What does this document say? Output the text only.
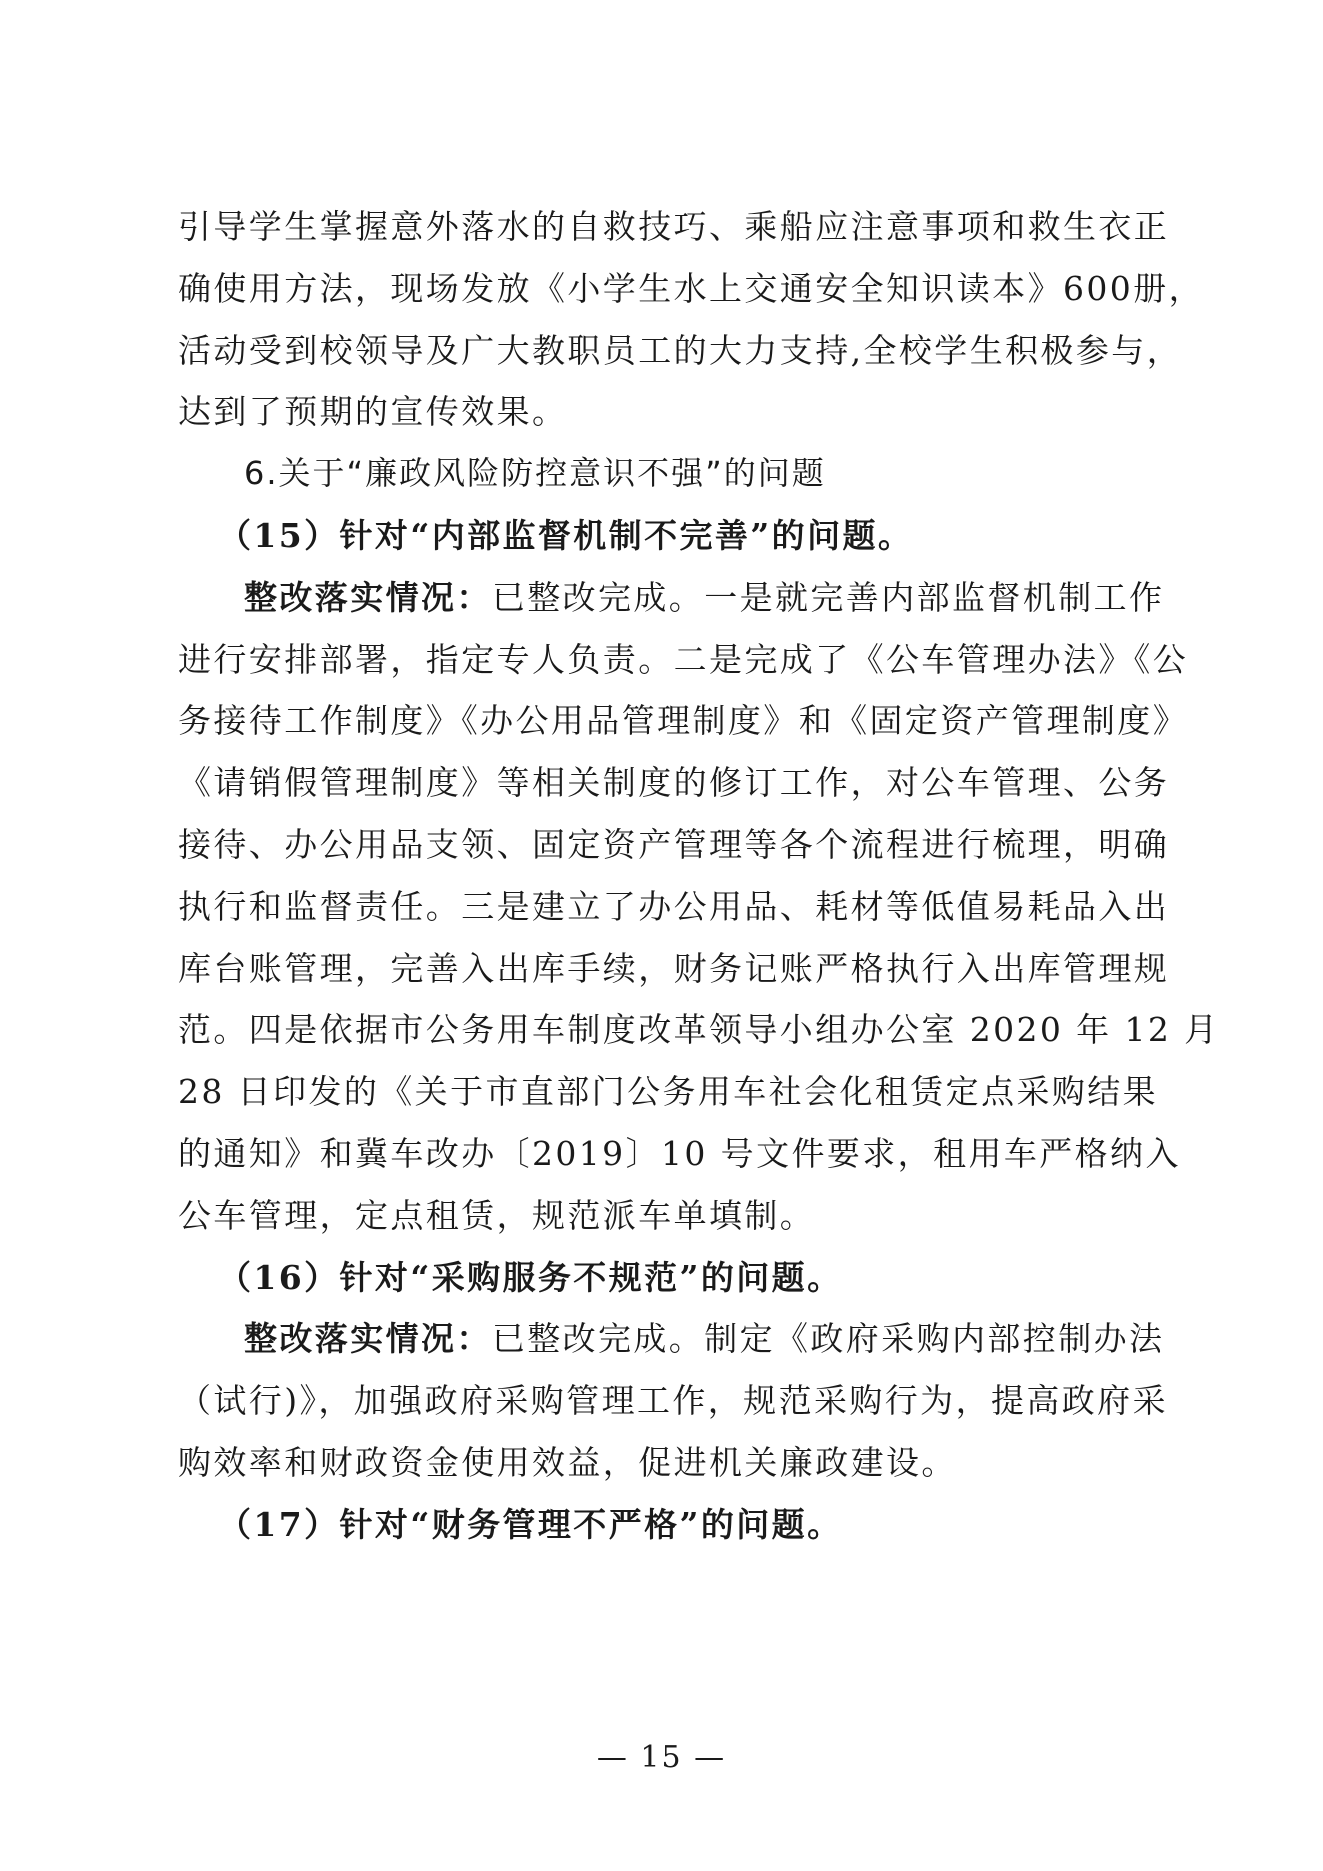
引导学生掌握意外落水的自救技巧、乘船应注意事项和救生衣正
确使用方法，现场发放《小学生水上交通安全知识读本》600册，
活动受到校领导及广大教职员工的大力支持,全校学生积极参与，
达到了预期的宣传效果。
6.关于“廉政风险防控意识不强”的问题
（15）针对“内部监督机制不完善”的问题。
整改落实情况：已整改完成。一是就完善内部监督机制工作
进行安排部署，指定专人负责。二是完成了《公车管理办法》《公
务接待工作制度》《办公用品管理制度》和《固定资产管理制度》
《请销假管理制度》等相关制度的修订工作，对公车管理、公务
接待、办公用品支领、固定资产管理等各个流程进行梳理，明确
执行和监督责任。三是建立了办公用品、耗材等低值易耗品入出
库台账管理，完善入出库手续，财务记账严格执行入出库管理规
范。四是依据市公务用车制度改革领导小组办公室 2020 年 12 月
28 日印发的《关于市直部门公务用车社会化租赁定点采购结果
的通知》和冀车改办〔2019〕10 号文件要求，租用车严格纳入
公车管理，定点租赁，规范派车单填制。
（16）针对“采购服务不规范”的问题。
整改落实情况：已整改完成。制定《政府采购内部控制办法
（试行)》，加强政府采购管理工作，规范采购行为，提高政府采
购效率和财政资金使用效益，促进机关廉政建设。
（17）针对“财务管理不严格”的问题。
— 15 —
